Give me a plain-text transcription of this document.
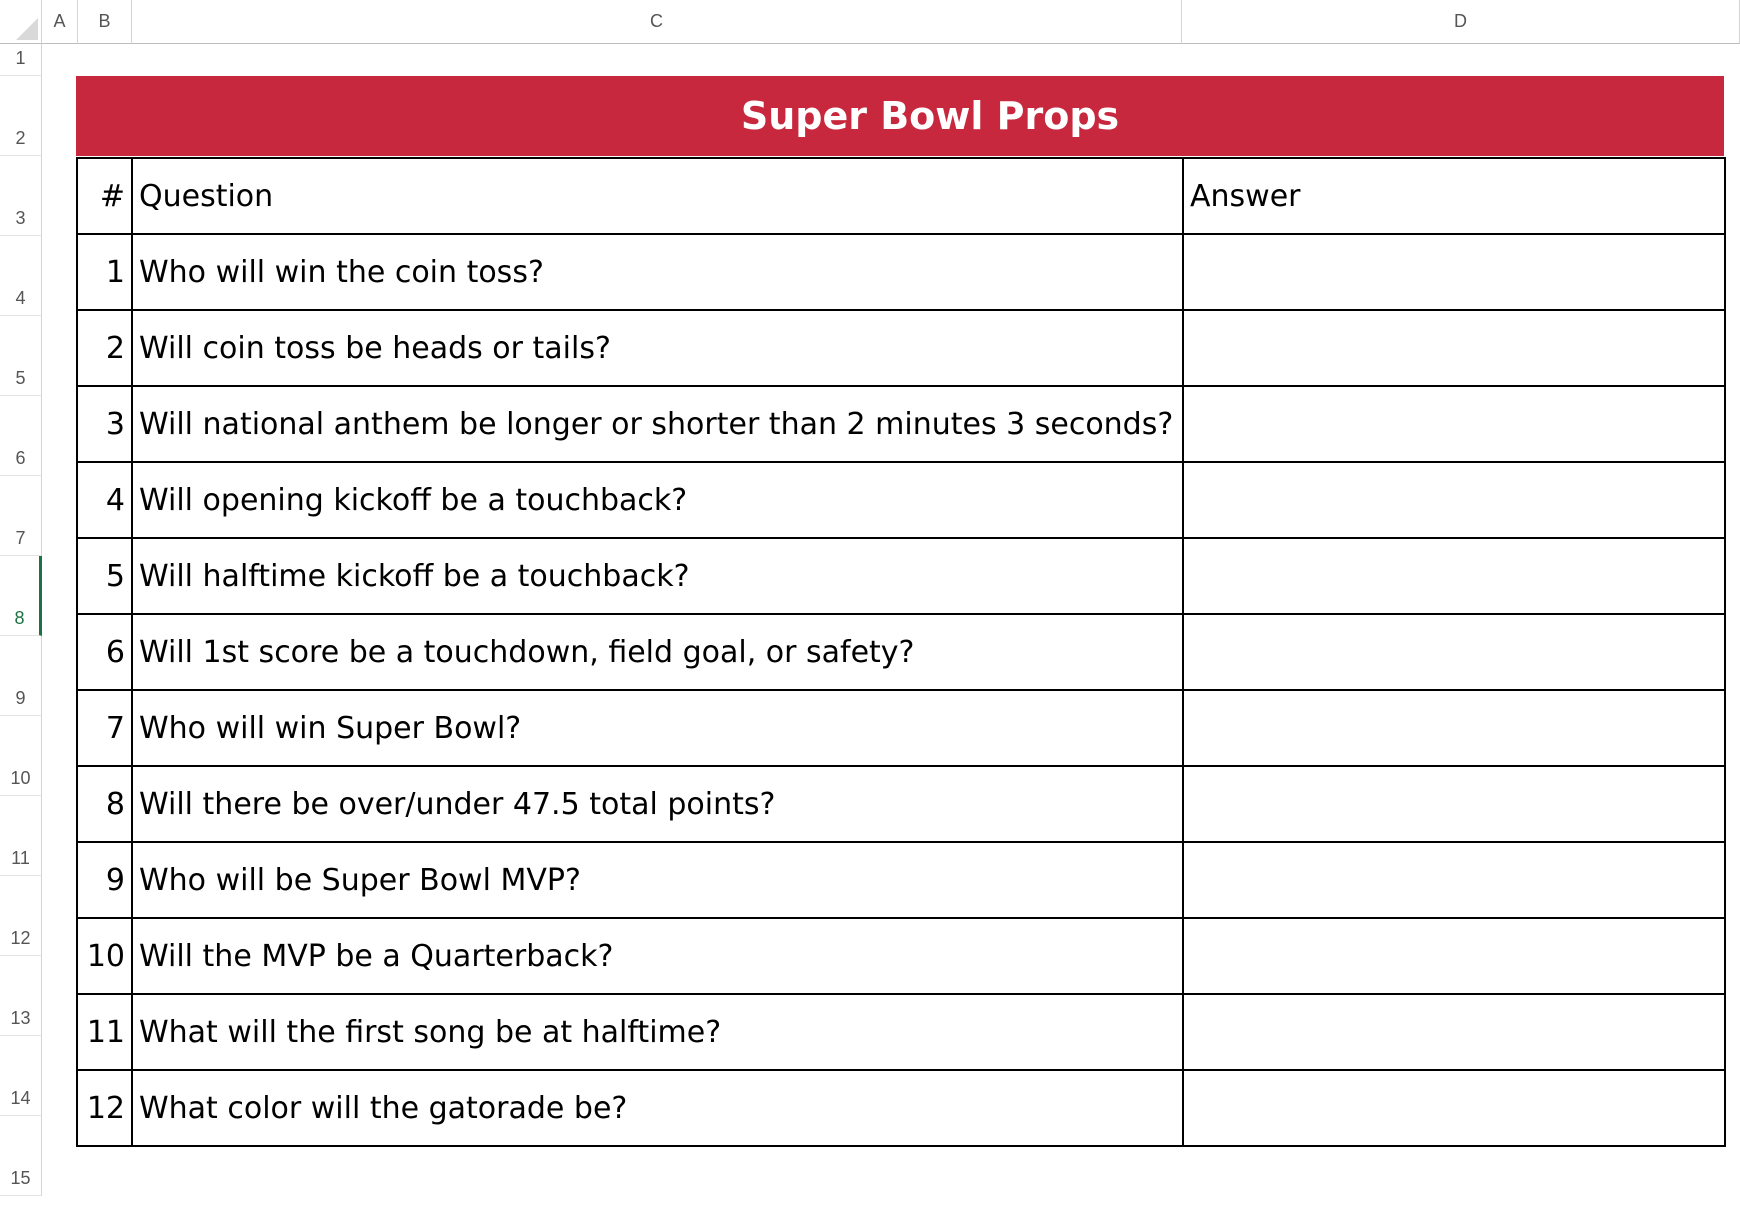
A	B	C	D
1
2
3
4
5
6
7
8
9
10
11
12
13
14
15
Super Bowl Props
#	Question	Answer
1	Who will win the coin toss?	
2	Will coin toss be heads or tails?	
3	Will national anthem be longer or shorter than 2 minutes 3 seconds?	
4	Will opening kickoff be a touchback?	
5	Will halftime kickoff be a touchback?	
6	Will 1st score be a touchdown, field goal, or safety?	
7	Who will win Super Bowl?	
8	Will there be over/under 47.5 total points?	
9	Who will be Super Bowl MVP?	
10	Will the MVP be a Quarterback?	
11	What will the first song be at halftime?	
12	What color will the gatorade be?	
